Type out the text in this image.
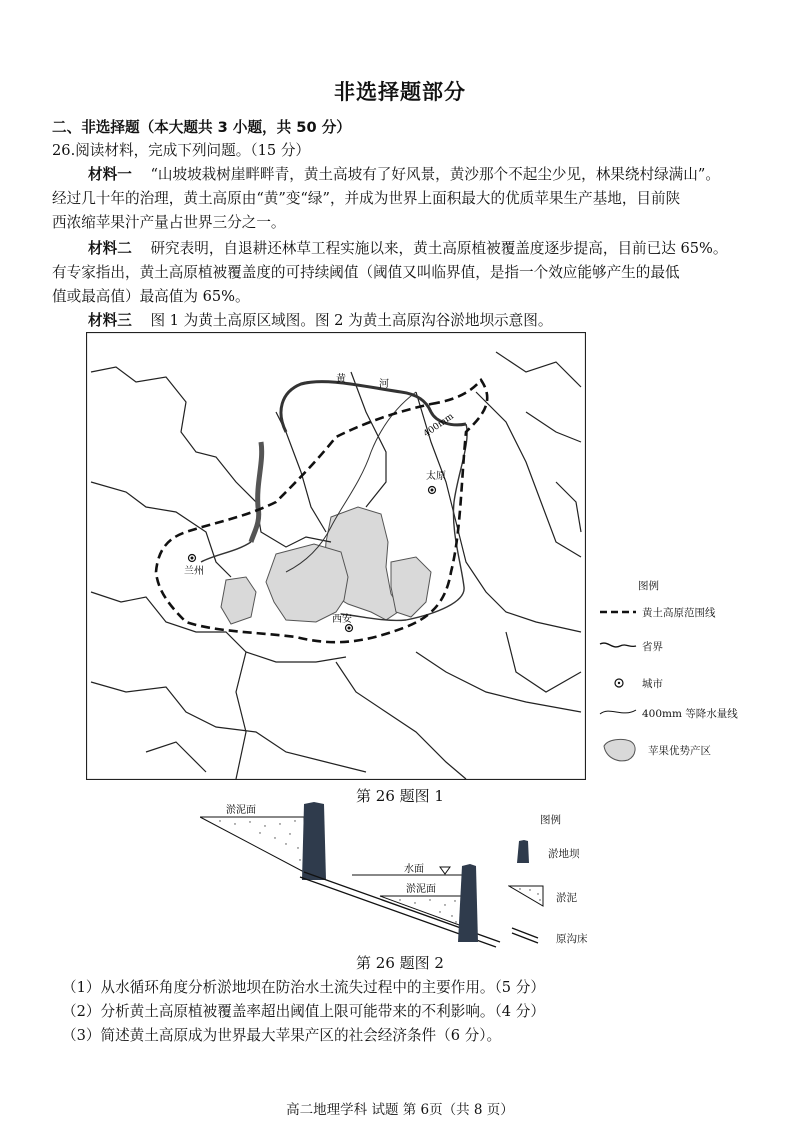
非选择题部分
二、非选择题（本大题共 3 小题，共 50 分）
26.阅读材料，完成下列问题。（15 分）
材料一 “山坡坡栽树崖畔畔青，黄土高坡有了好风景，黄沙那个不起尘少见，林果绕村绿满山”。
经过几十年的治理，黄土高原由“黄”变“绿”，并成为世界上面积最大的优质苹果生产基地，目前陕
西浓缩苹果汁产量占世界三分之一。
材料二 研究表明，自退耕还林草工程实施以来，黄土高原植被覆盖度逐步提高，目前已达 65%。
有专家指出，黄土高原植被覆盖度的可持续阈值（阈值又叫临界值，是指一个效应能够产生的最低
值或最高值）最高值为 65%。
材料三 图 1 为黄土高原区域图。图 2 为黄土高原沟谷淤地坝示意图。
黄	河
400mm
太原
兰州
西安
图例
黄土高原范围线
省界
城市
400mm 等降水量线
苹果优势产区
第 26 题图 1
淤泥面
水面
淤泥面
图例
淤地坝
淤泥
原沟床
第 26 题图 2
（1）从水循环角度分析淤地坝在防治水土流失过程中的主要作用。（5 分）
（2）分析黄土高原植被覆盖率超出阈值上限可能带来的不利影响。（4 分）
（3）简述黄土高原成为世界最大苹果产区的社会经济条件（6 分）。
高二地理学科 试题 第 6页（共 8 页）
